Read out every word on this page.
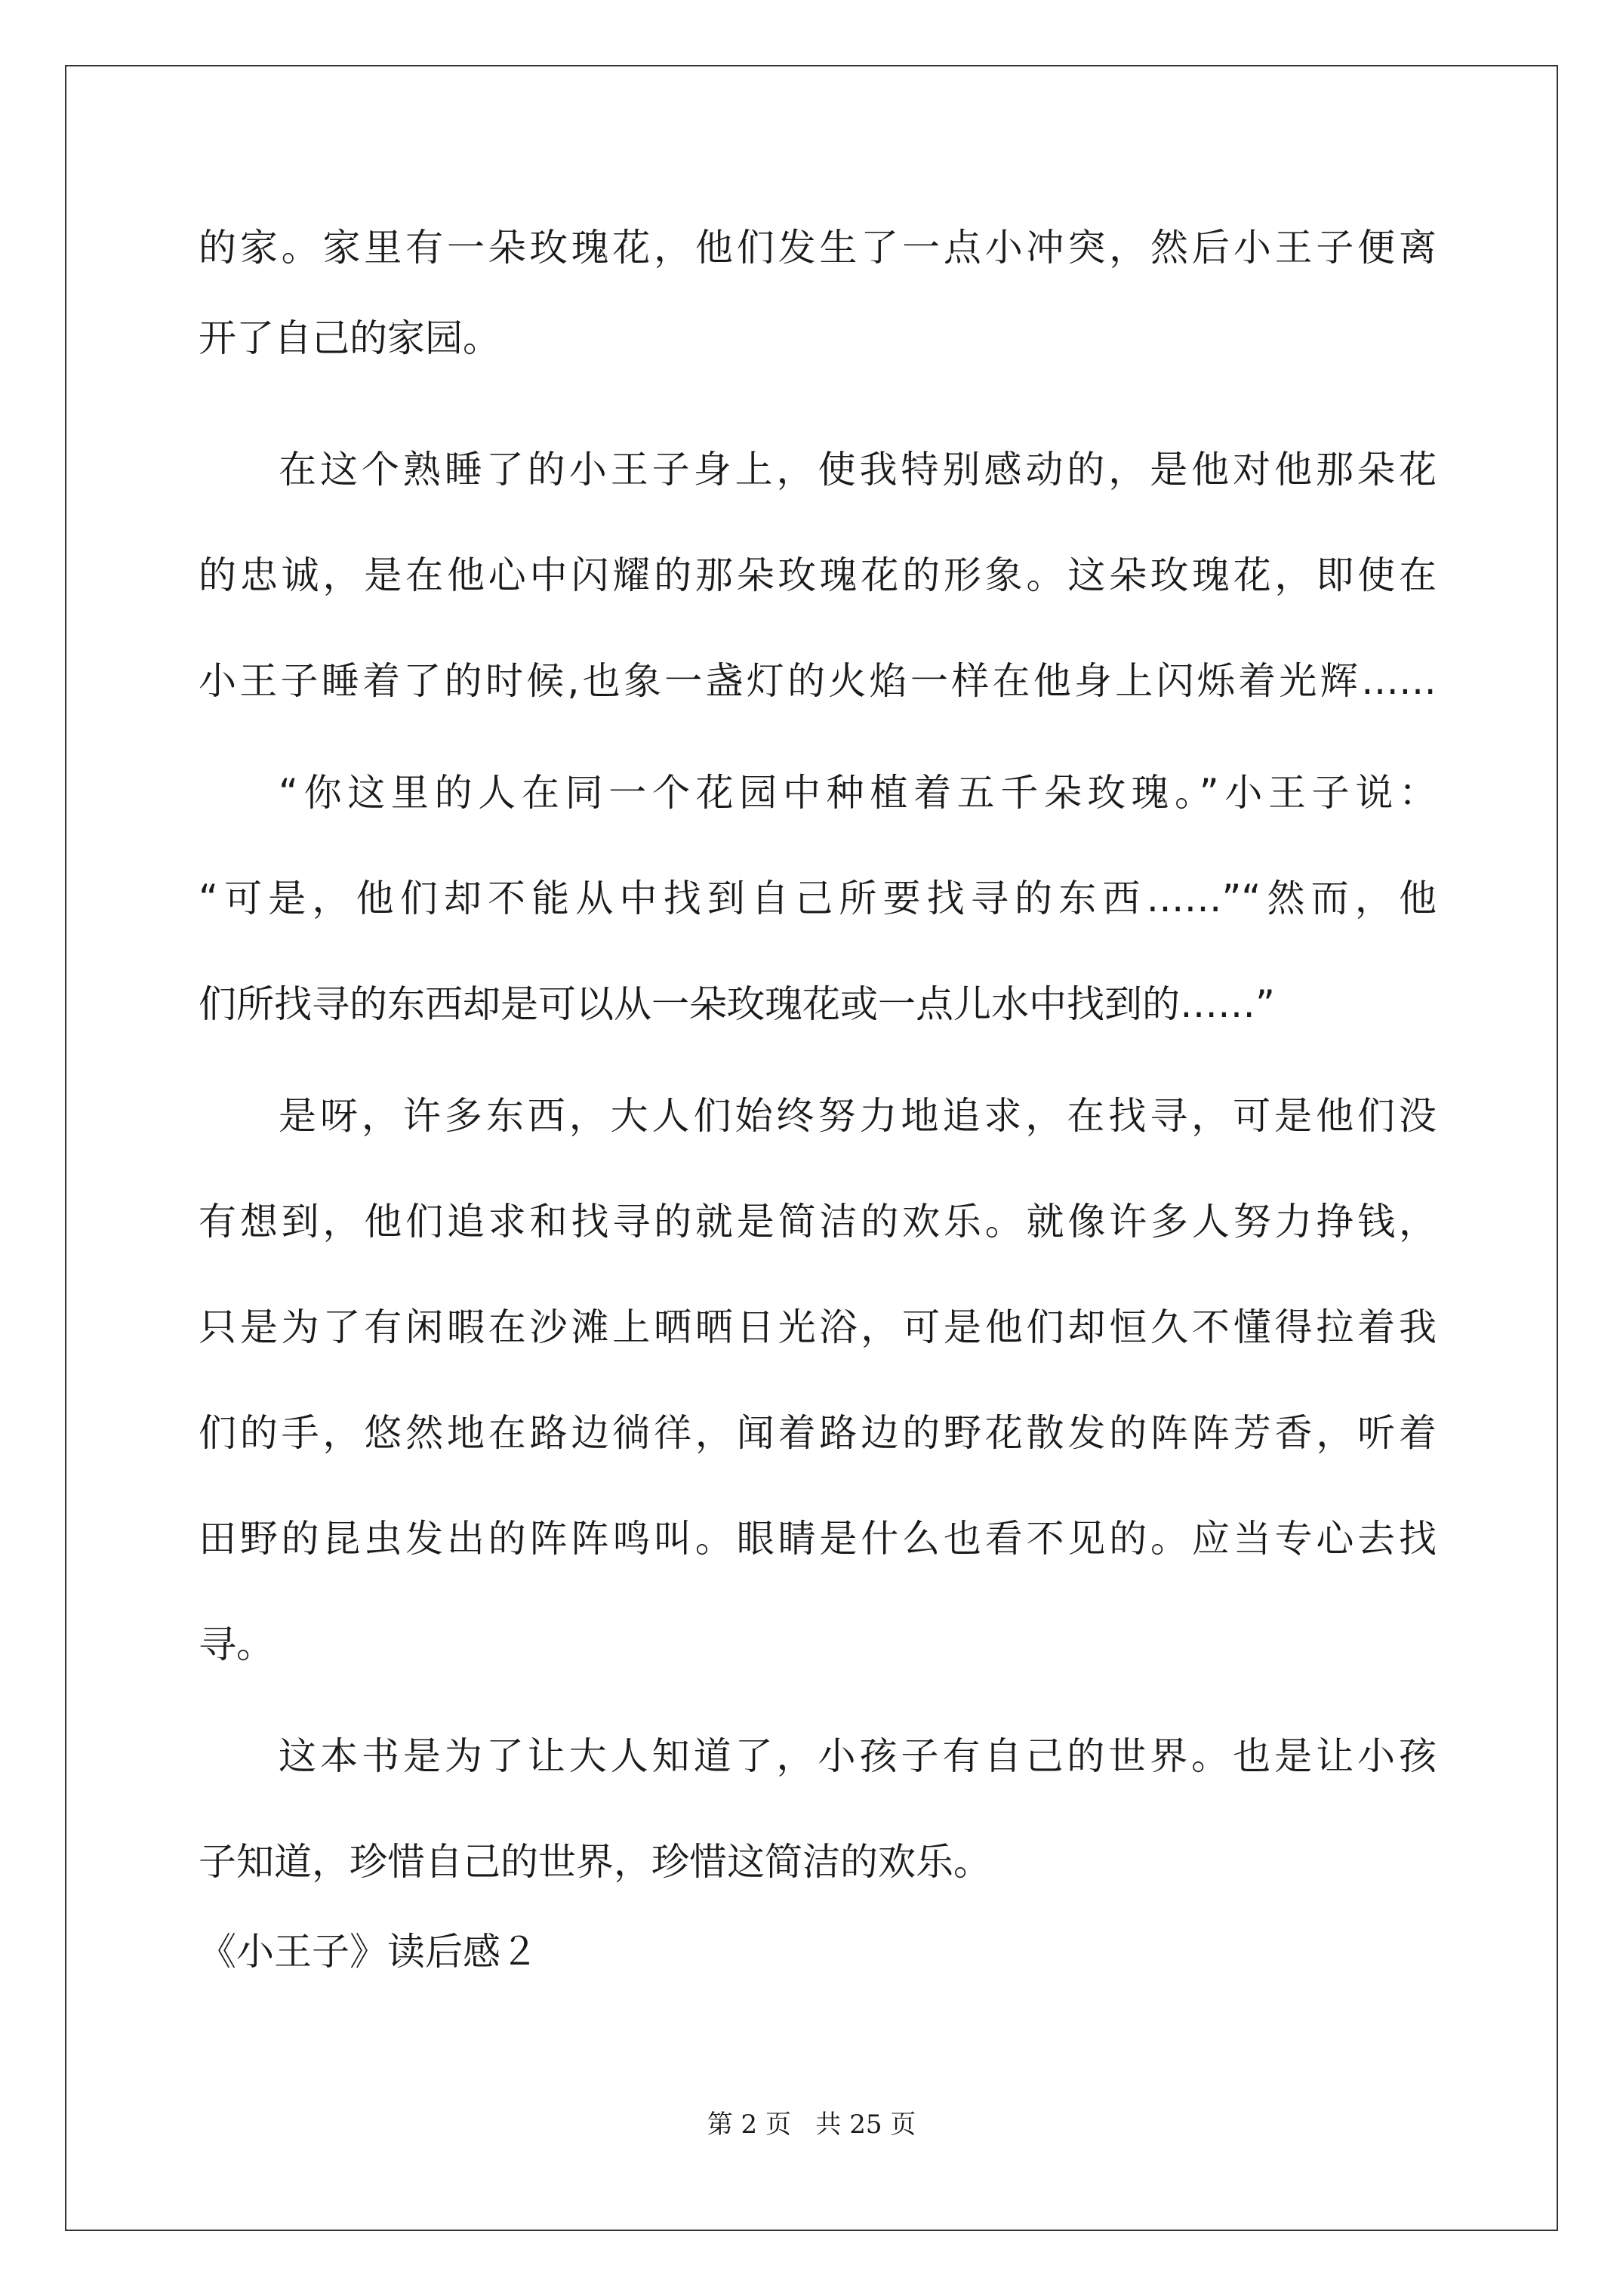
的家。家里有一朵玫瑰花，他们发生了一点小冲突，然后小王子便离
开了自己的家园。
在这个熟睡了的小王子身上，使我特别感动的，是他对他那朵花
的忠诚，是在他心中闪耀的那朵玫瑰花的形象。这朵玫瑰花，即使在
小王子睡着了的时候,也象一盏灯的火焰一样在他身上闪烁着光辉……
“你这里的人在同一个花园中种植着五千朵玫瑰。”小王子说：
“可是，他们却不能从中找到自己所要找寻的东西……”“然而，他
们所找寻的东西却是可以从一朵玫瑰花或一点儿水中找到的……”
是呀，许多东西，大人们始终努力地追求，在找寻，可是他们没
有想到，他们追求和找寻的就是简洁的欢乐。就像许多人努力挣钱，
只是为了有闲暇在沙滩上晒晒日光浴，可是他们却恒久不懂得拉着我
们的手，悠然地在路边徜徉，闻着路边的野花散发的阵阵芳香，听着
田野的昆虫发出的阵阵鸣叫。眼睛是什么也看不见的。应当专心去找
寻。
这本书是为了让大人知道了，小孩子有自己的世界。也是让小孩
子知道，珍惜自己的世界，珍惜这简洁的欢乐。
《小王子》读后感２
第 2 页 共 25 页
